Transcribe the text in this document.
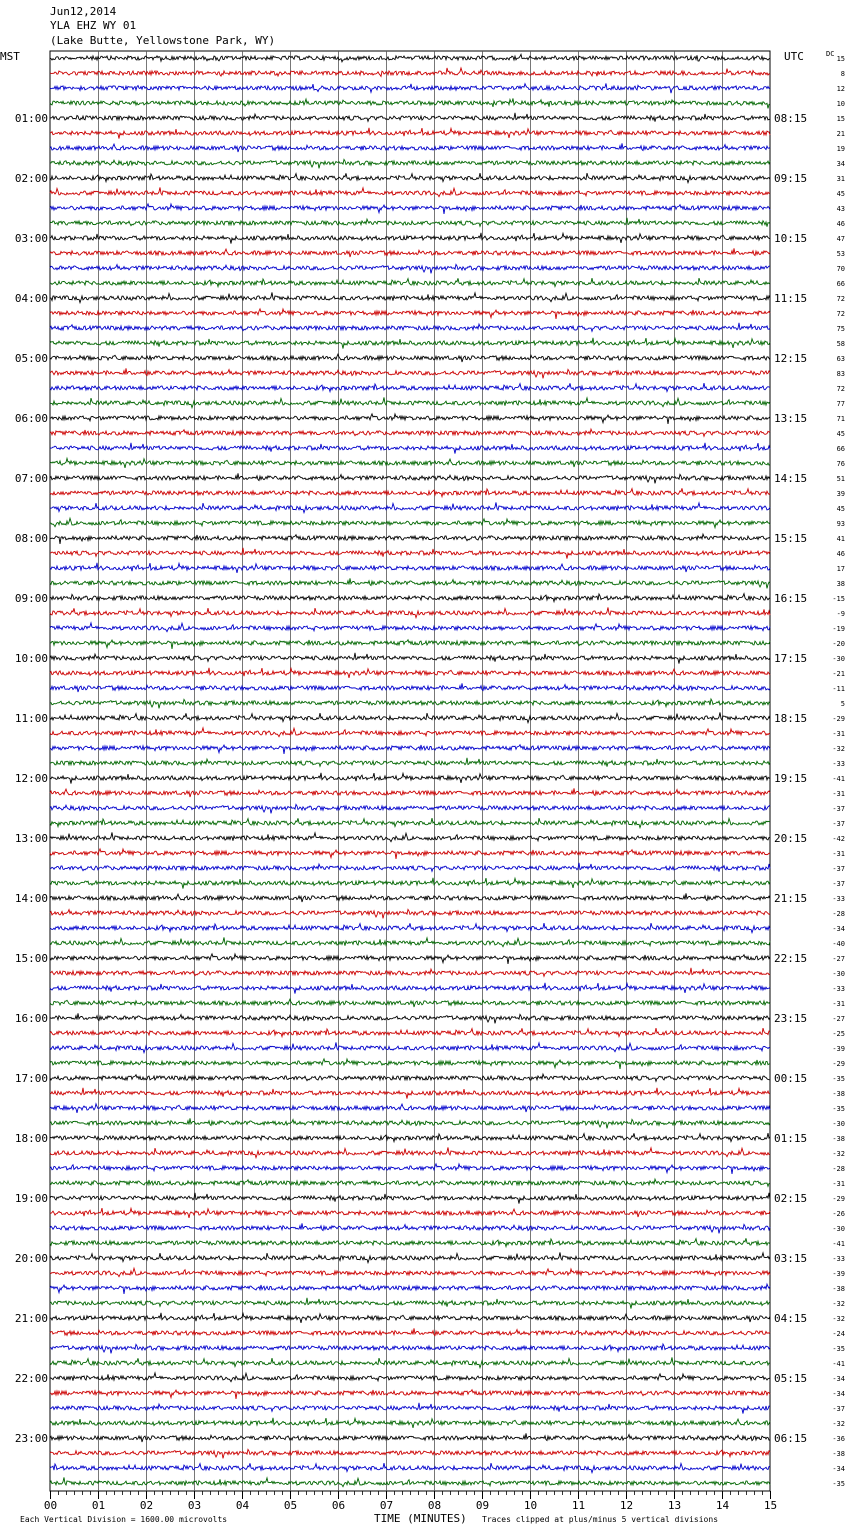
Jun12,2014
YLA EHZ WY 01
(Lake Butte, Yellowstone Park, WY)
15
8
12
10
15
21
19
34
31
45
43
46
47
53
70
66
72
72
75
58
63
83
72
77
71
45
66
76
51
39
45
93
41
46
17
38
-15
-9
-19
-20
-30
-21
-11
5
-29
-31
-32
-33
-41
-31
-37
-37
-42
-31
-37
-37
-33
-28
-34
-40
-27
-30
-33
-31
-27
-25
-39
-29
-35
-38
-35
-30
-38
-32
-28
-31
-29
-26
-30
-41
-33
-39
-38
-32
-32
-24
-35
-41
-34
-34
-37
-32
-36
-38
-34
-35
DC
MST	UTC
01:00	08:15
02:00	09:15
03:00	10:15
04:00	11:15
05:00	12:15
06:00	13:15
07:00	14:15
08:00	15:15
09:00	16:15
10:00	17:15
11:00	18:15
12:00	19:15
13:00	20:15
14:00	21:15
15:00	22:15
16:00	23:15
17:00	00:15
18:00	01:15
19:00	02:15
20:00	03:15
21:00	04:15
22:00	05:15
23:00	06:15
00	01	02	03	04	05	06	07	08	09	10	11	12	13	14	15
Each Vertical Division = 1600.00 microvolts	TIME (MINUTES) Traces clipped at plus/minus 5 vertical divisions
